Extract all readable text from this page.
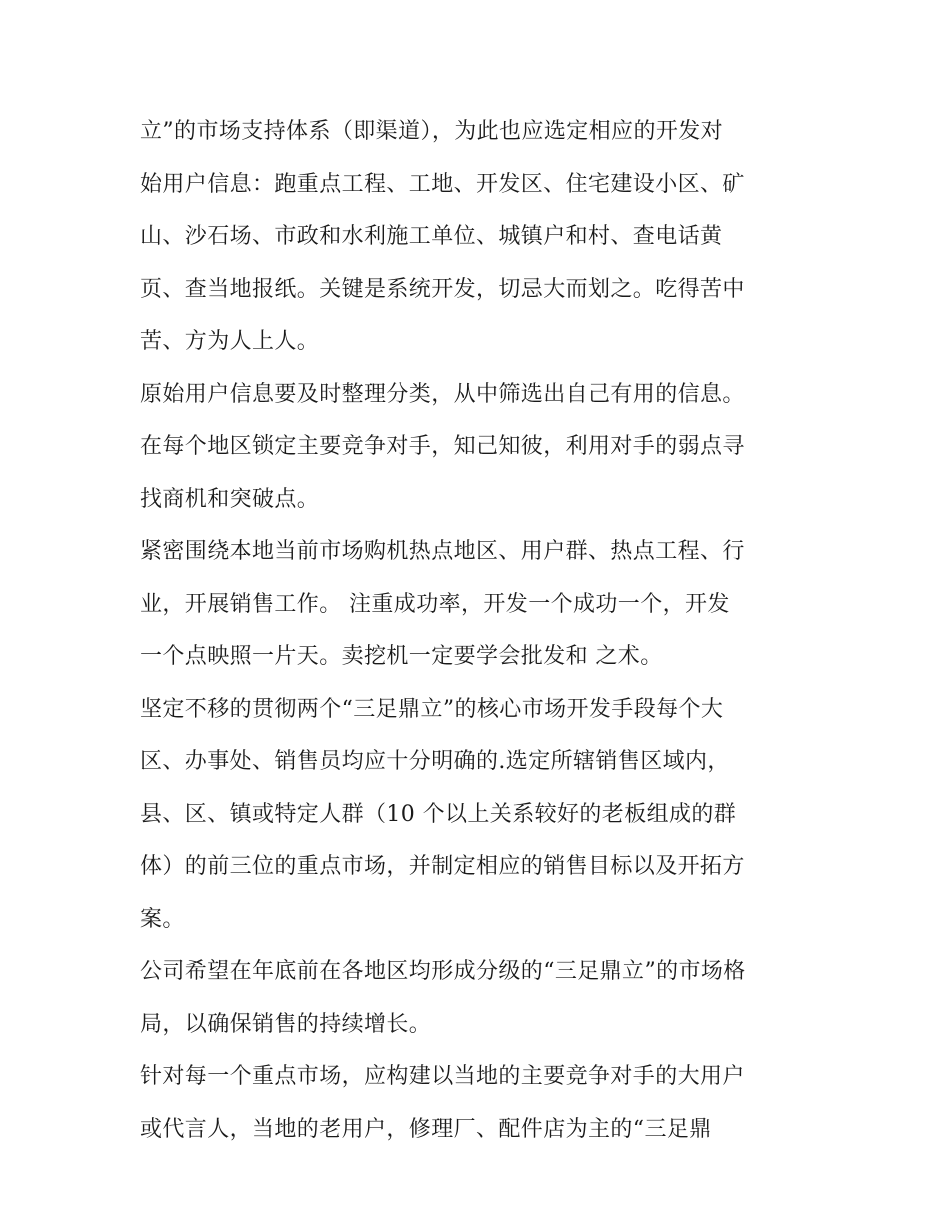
立”的市场支持体系（即渠道），为此也应选定相应的开发对
始用户信息：跑重点工程、工地、开发区、住宅建设小区、矿
山、沙石场、市政和水利施工单位、城镇户和村、查电话黄
页、查当地报纸。关键是系统开发，切忌大而划之。吃得苦中
苦、方为人上人。
原始用户信息要及时整理分类，从中筛选出自己有用的信息。
在每个地区锁定主要竞争对手，知己知彼，利用对手的弱点寻
找商机和突破点。
紧密围绕本地当前市场购机热点地区、用户群、热点工程、行
业，开展销售工作。 注重成功率，开发一个成功一个，开发
一个点映照一片天。卖挖机一定要学会批发和 之术。
坚定不移的贯彻两个“三足鼎立”的核心市场开发手段每个大
区、办事处、销售员均应十分明确的.选定所辖销售区域内，
县、区、镇或特定人群（10 个以上关系较好的老板组成的群
体）的前三位的重点市场，并制定相应的销售目标以及开拓方
案。
公司希望在年底前在各地区均形成分级的“三足鼎立”的市场格
局，以确保销售的持续增长。
针对每一个重点市场，应构建以当地的主要竞争对手的大用户
或代言人，当地的老用户，修理厂、配件店为主的“三足鼎
